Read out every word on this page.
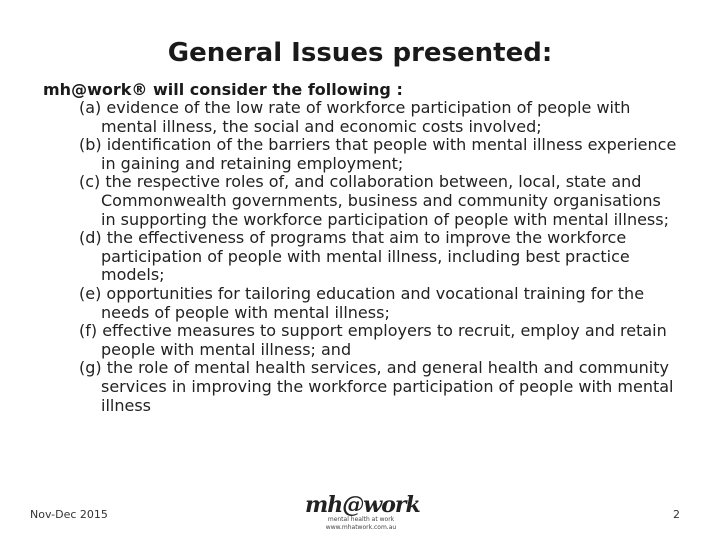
General Issues presented:
mh@work® will consider the following :
(a) evidence of the low rate of workforce participation of people with mental illness, the social and economic costs involved;
(b) identification of the barriers that people with mental illness experience in gaining and retaining employment;
(c) the respective roles of, and collaboration between, local, state and Commonwealth governments, business and community organisations in supporting the workforce participation of people with mental illness;
(d) the effectiveness of programs that aim to improve the workforce participation of people with mental illness, including best practice models;
(e) opportunities for tailoring education and vocational training for the needs of people with mental illness;
(f) effective measures to support employers to recruit, employ and retain people with mental illness; and
(g) the role of mental health services, and general health and community services in improving the workforce participation of people with mental illness
Nov-Dec 2015	mh@work
mental health at work
www.mhatwork.com.au
2
